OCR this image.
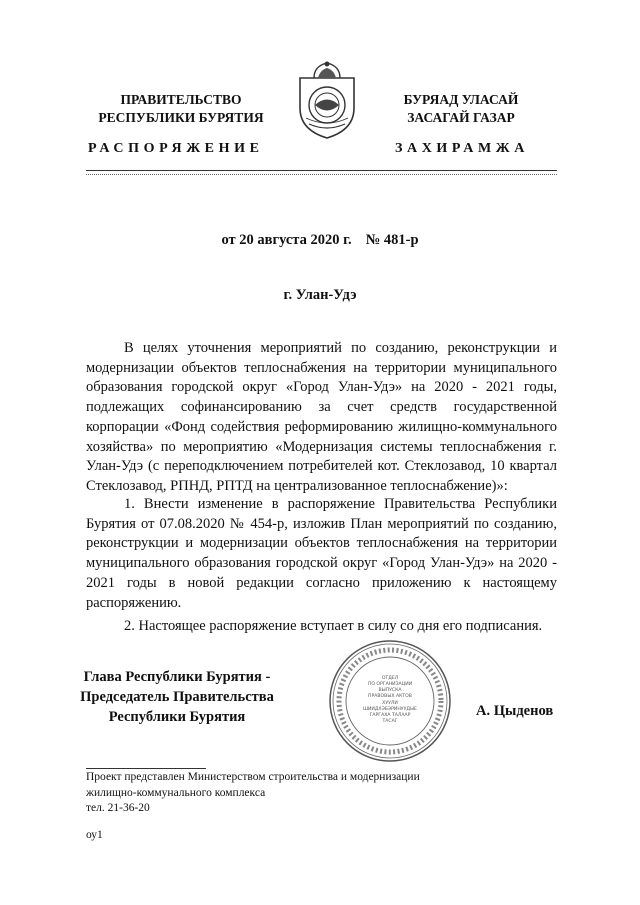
ПРАВИТЕЛЬСТВО
РЕСПУБЛИКИ БУРЯТИЯ
БУРЯАД УЛАСАЙ
ЗАСАГАЙ ГАЗАР
РАСПОРЯЖЕНИЕ	ЗАХИРАМЖА
от 20 августа 2020 г. № 481-р
г. Улан-Удэ

В целях уточнения мероприятий по созданию, реконструкции и модернизации объектов теплоснабжения на территории муниципального образования городской округ «Город Улан-Удэ» на 2020 - 2021 годы, подлежащих софинансированию за счет средств государственной корпорации «Фонд содействия реформированию жилищно-коммунального хозяйства» по мероприятию «Модернизация системы теплоснабжения г. Улан-Удэ (с переподключением потребителей кот. Стеклозавод, 10 квартал Стеклозавод, РПНД, РПТД на централизованное теплоснабжение)»:

1. Внести изменение в распоряжение Правительства Республики Бурятия от 07.08.2020 № 454-р, изложив План мероприятий по созданию, реконструкции и модернизации объектов теплоснабжения на территории муниципального образования городской округ «Город Улан-Удэ» на 2020 - 2021 годы в новой редакции согласно приложению к настоящему распоряжению.

2. Настоящее распоряжение вступает в силу со дня его подписания.

Глава Республики Бурятия -
Председатель Правительства
Республики Бурятия
ОТДЕЛ
ПО ОРГАНИЗАЦИИ
ВЫПУСКА
ПРАВОВЫХ АКТОВ
ХУУЛИ
ШИИДХЭБЭРИНУУДЫЕ
ГАРГАХА ТАЛААР
ТАСАГ
А. Цыденов
Проект представлен Министерством строительства и модернизации
жилищно-коммунального комплекса
тел. 21-36-20
оу1
